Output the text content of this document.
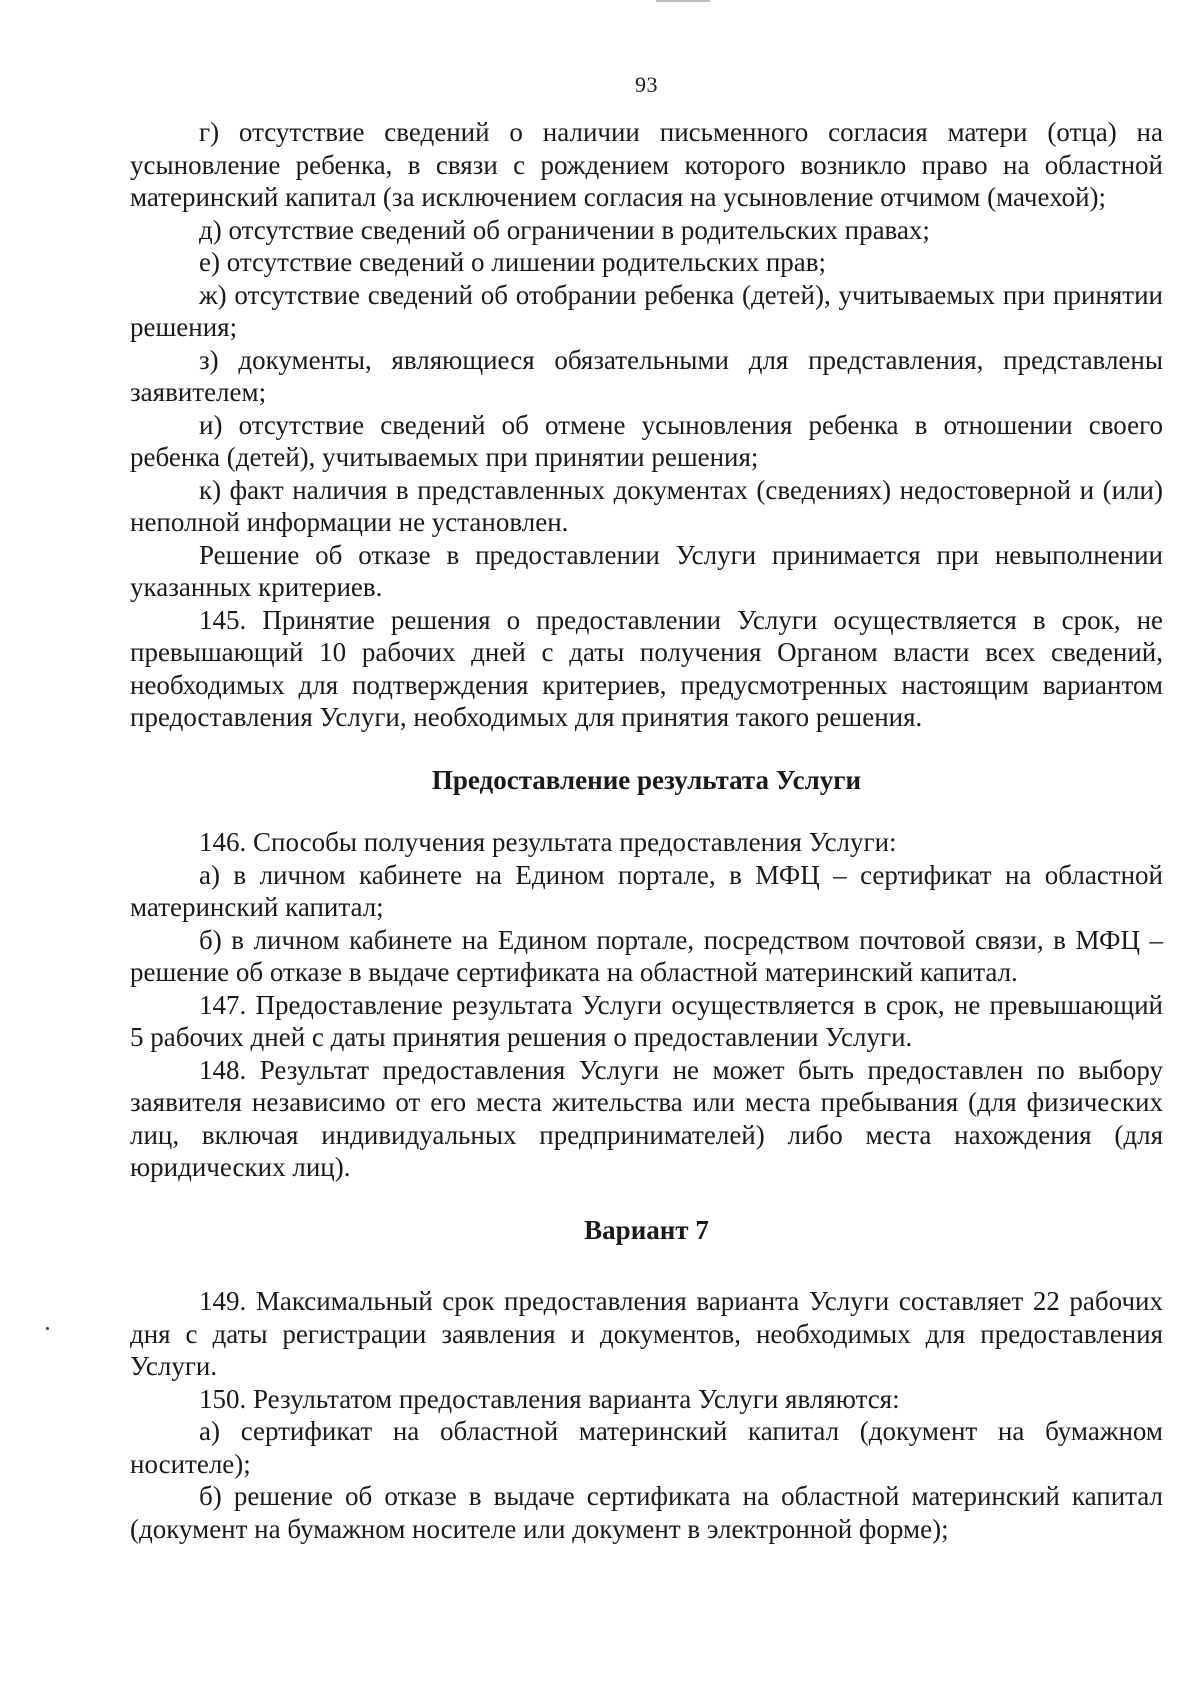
93

г) отсутствие сведений о наличии письменного согласия матери (отца) на усыновление ребенка, в связи с рождением которого возникло право на областной материнский капитал (за исключением согласия на усыновление отчимом (мачехой);

д) отсутствие сведений об ограничении в родительских правах;

е) отсутствие сведений о лишении родительских прав;

ж) отсутствие сведений об отобрании ребенка (детей), учитываемых при принятии решения;

з) документы, являющиеся обязательными для представления, представлены заявителем;

и) отсутствие сведений об отмене усыновления ребенка в отношении своего ребенка (детей), учитываемых при принятии решения;

к) факт наличия в представленных документах (сведениях) недостоверной и (или) неполной информации не установлен.

Решение об отказе в предоставлении Услуги принимается при невыполнении указанных критериев.

145. Принятие решения о предоставлении Услуги осуществляется в срок, не превышающий 10 рабочих дней с даты получения Органом власти всех сведений, необходимых для подтверждения критериев, предусмотренных настоящим вариантом предоставления Услуги, необходимых для принятия такого решения.

Предоставление результата Услуги

146. Способы получения результата предоставления Услуги:

а) в личном кабинете на Едином портале, в МФЦ – сертификат на областной материнский капитал;

б) в личном кабинете на Едином портале, посредством почтовой связи, в МФЦ – решение об отказе в выдаче сертификата на областной материнский капитал.

147. Предоставление результата Услуги осуществляется в срок, не превышающий 5 рабочих дней с даты принятия решения о предоставлении Услуги.

148. Результат предоставления Услуги не может быть предоставлен по выбору заявителя независимо от его места жительства или места пребывания (для физических лиц, включая индивидуальных предпринимателей) либо места нахождения (для юридических лиц).

Вариант 7

149. Максимальный срок предоставления варианта Услуги составляет 22 рабочих дня с даты регистрации заявления и документов, необходимых для предоставления Услуги.

150. Результатом предоставления варианта Услуги являются:

а) сертификат на областной материнский капитал (документ на бумажном носителе);

б) решение об отказе в выдаче сертификата на областной материнский капитал (документ на бумажном носителе или документ в электронной форме);
